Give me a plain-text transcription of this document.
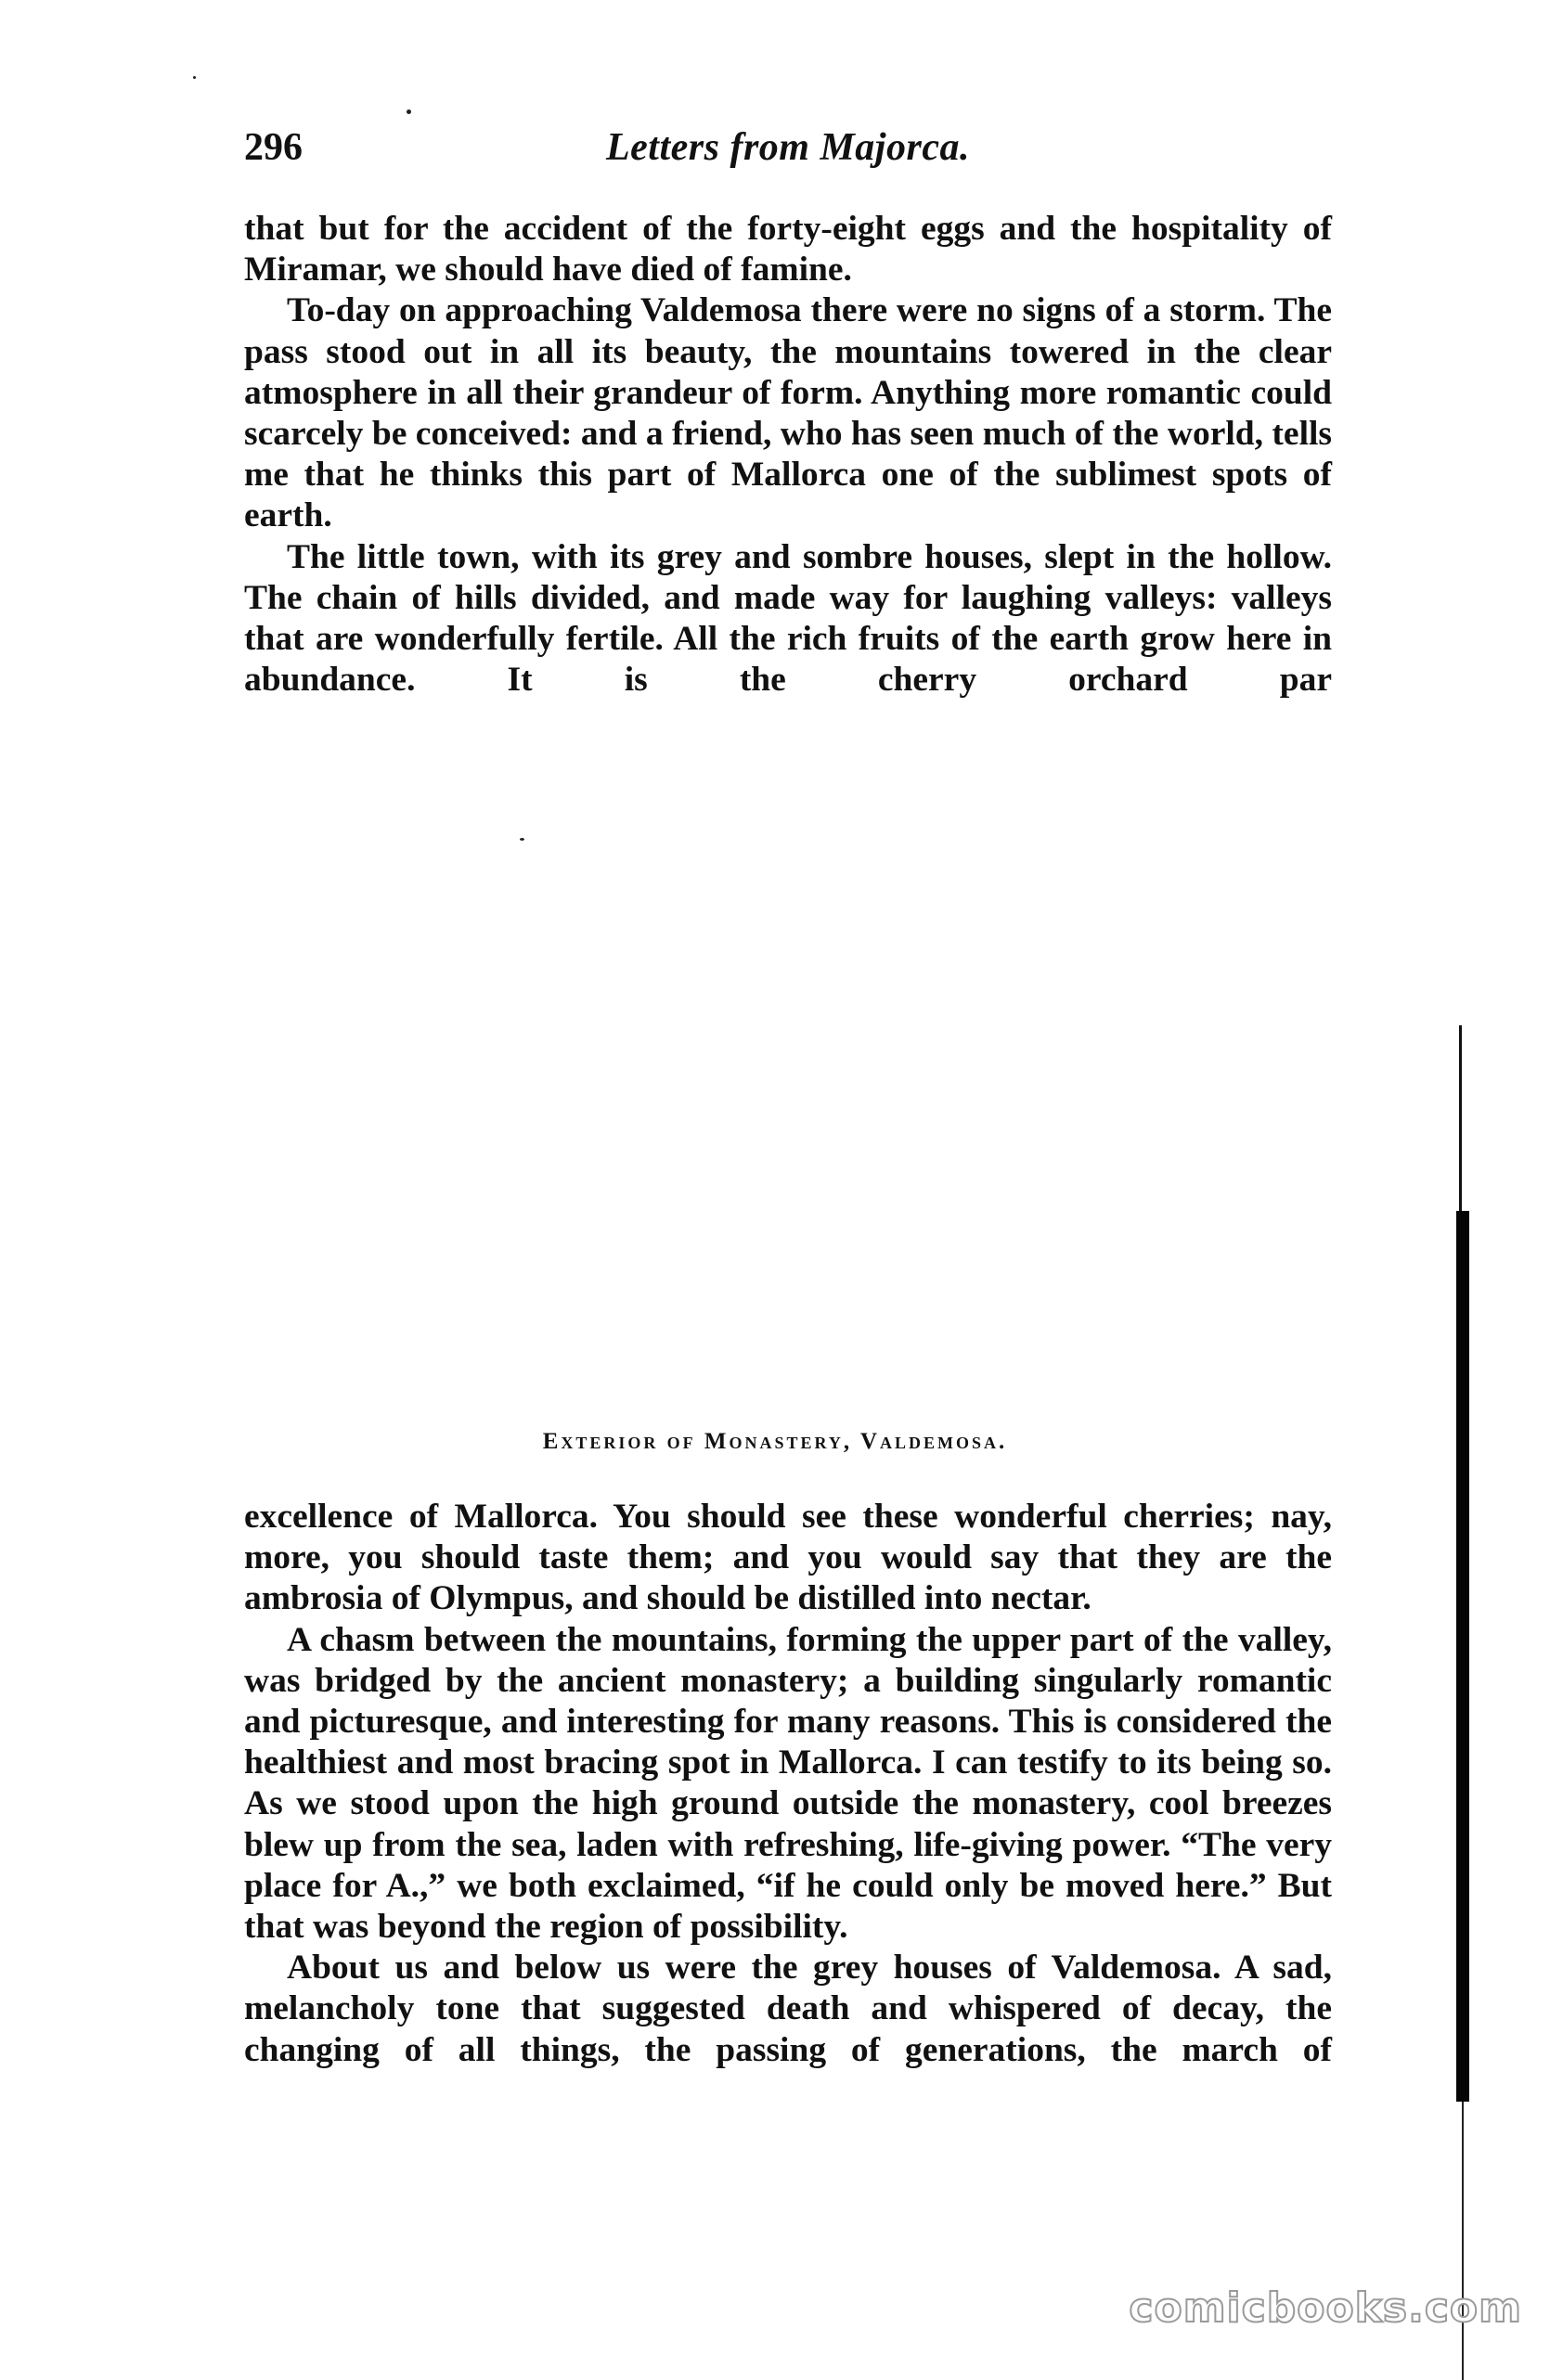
296	Letters from Majorca.

that but for the accident of the forty-eight eggs and the hospitality of Miramar, we should have died of famine.

To-day on approaching Valdemosa there were no signs of a storm. The pass stood out in all its beauty, the mountains towered in the clear atmosphere in all their grandeur of form. Anything more romantic could scarcely be conceived: and a friend, who has seen much of the world, tells me that he thinks this part of Mallorca one of the sublimest spots of earth.

The little town, with its grey and sombre houses, slept in the hollow. The chain of hills divided, and made way for laughing valleys: valleys that are wonderfully fertile. All the rich fruits of the earth grow here in abundance. It is the cherry orchard par

Exterior of Monastery, Valdemosa.

excellence of Mallorca. You should see these wonderful cherries; nay, more, you should taste them; and you would say that they are the ambrosia of Olympus, and should be distilled into nectar.

A chasm between the mountains, forming the upper part of the valley, was bridged by the ancient monastery; a building singularly romantic and picturesque, and interesting for many reasons. This is considered the healthiest and most bracing spot in Mallorca. I can testify to its being so. As we stood upon the high ground outside the monastery, cool breezes blew up from the sea, laden with refreshing, life-giving power. “The very place for A.,” we both exclaimed, “if he could only be moved here.” But that was beyond the region of possibility.

About us and below us were the grey houses of Valdemosa. A sad, melancholy tone that suggested death and whispered of decay, the changing of all things, the passing of generations, the march of

comicbooks.com
